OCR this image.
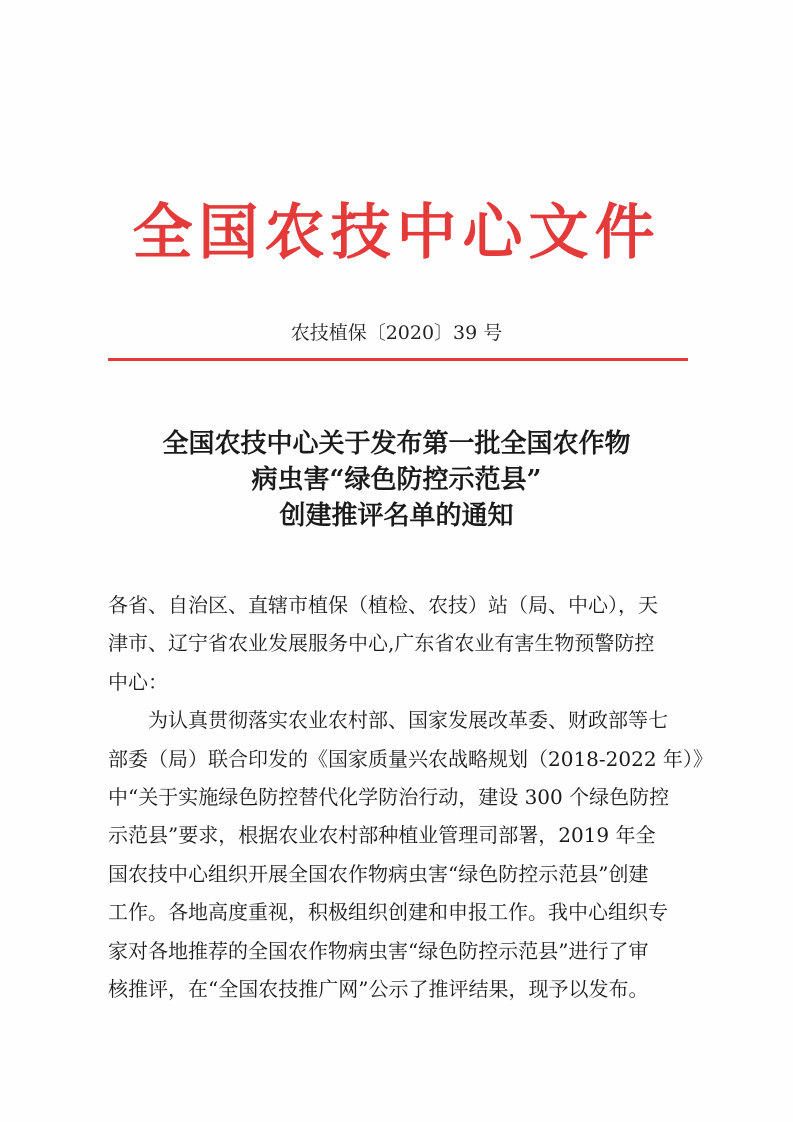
全国农技中心文件
农技植保〔2020〕39 号
全国农技中心关于发布第一批全国农作物
病虫害“绿色防控示范县”
创建推评名单的通知
各省、自治区、直辖市植保（植检、农技）站（局、中心），天
津市、辽宁省农业发展服务中心,广东省农业有害生物预警防控
中心：
为认真贯彻落实农业农村部、国家发展改革委、财政部等七
部委（局）联合印发的《国家质量兴农战略规划（2018-2022 年）》
中“关于实施绿色防控替代化学防治行动，建设 300 个绿色防控
示范县”要求，根据农业农村部种植业管理司部署，2019 年全
国农技中心组织开展全国农作物病虫害“绿色防控示范县”创建
工作。各地高度重视，积极组织创建和申报工作。我中心组织专
家对各地推荐的全国农作物病虫害“绿色防控示范县”进行了审
核推评，在“全国农技推广网”公示了推评结果，现予以发布。
